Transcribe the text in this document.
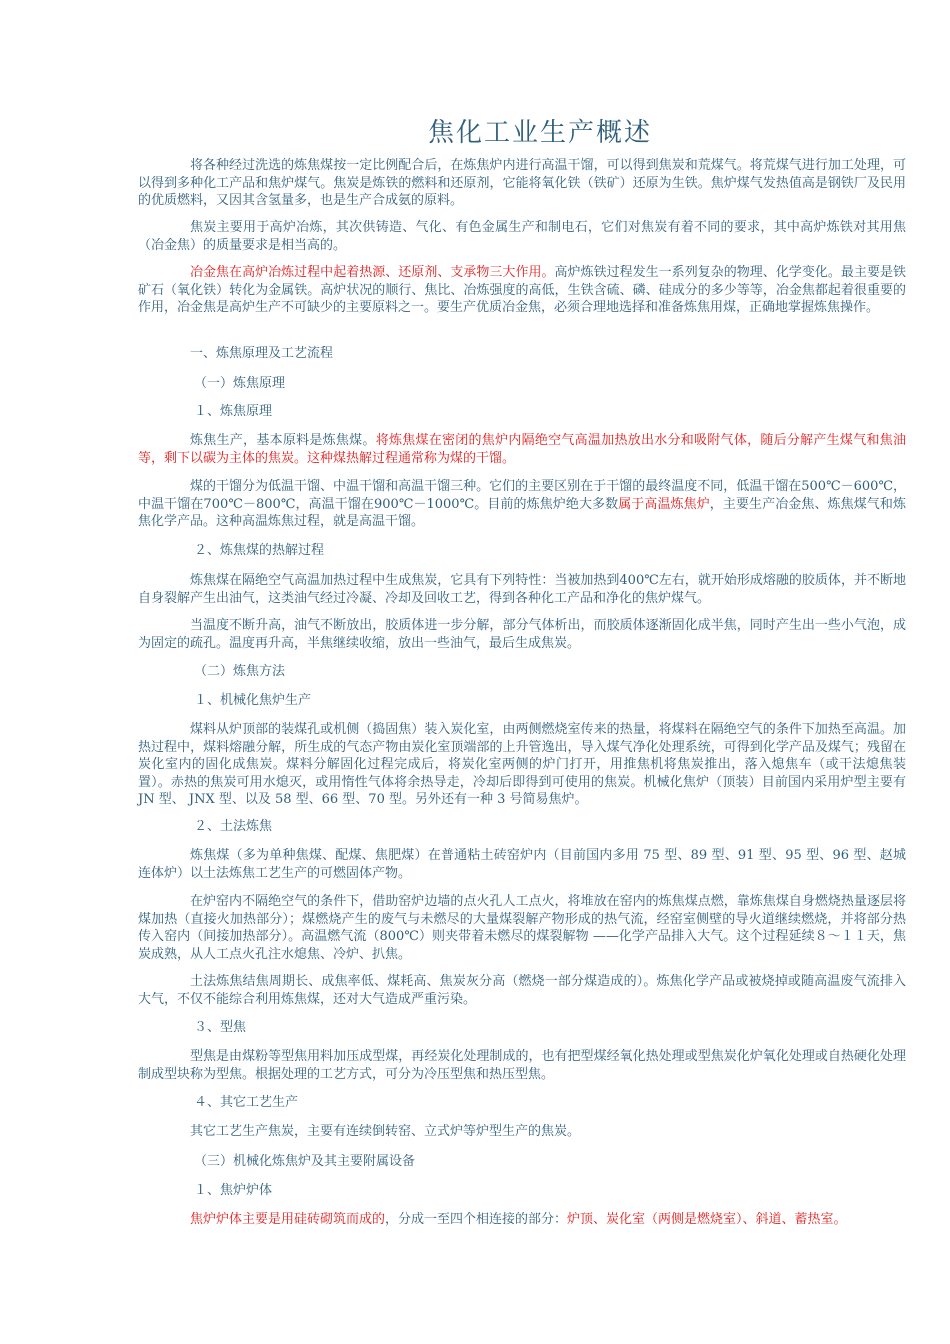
焦化工业生产概述
将各种经过洗选的炼焦煤按一定比例配合后，在炼焦炉内进行高温干馏，可以得到焦炭和荒煤气。将荒煤气进行加工处理，可以得到多种化工产品和焦炉煤气。焦炭是炼铁的燃料和还原剂，它能将氧化铁（铁矿）还原为生铁。焦炉煤气发热值高是钢铁厂及民用的优质燃料，又因其含氢量多，也是生产合成氨的原料。
焦炭主要用于高炉冶炼，其次供铸造、气化、有色金属生产和制电石，它们对焦炭有着不同的要求，其中高炉炼铁对其用焦（冶金焦）的质量要求是相当高的。
冶金焦在高炉冶炼过程中起着热源、还原剂、支承物三大作用。高炉炼铁过程发生一系列复杂的物理、化学变化。最主要是铁矿石（氧化铁）转化为金属铁。高炉状况的顺行、焦比、冶炼强度的高低，生铁含硫、磷、硅成分的多少等等，冶金焦都起着很重要的作用，冶金焦是高炉生产不可缺少的主要原料之一。要生产优质冶金焦，必须合理地选择和准备炼焦用煤，正确地掌握炼焦操作。
一、炼焦原理及工艺流程
（一）炼焦原理
１、炼焦原理
炼焦生产，基本原料是炼焦煤。将炼焦煤在密闭的焦炉内隔绝空气高温加热放出水分和吸附气体，随后分解产生煤气和焦油等，剩下以碳为主体的焦炭。这种煤热解过程通常称为煤的干馏。
煤的干馏分为低温干馏、中温干馏和高温干馏三种。它们的主要区别在于干馏的最终温度不同，低温干馏在500℃－600℃，中温干馏在700℃－800℃，高温干馏在900℃－1000℃。目前的炼焦炉绝大多数属于高温炼焦炉，主要生产冶金焦、炼焦煤气和炼焦化学产品。这种高温炼焦过程，就是高温干馏。
２、炼焦煤的热解过程
炼焦煤在隔绝空气高温加热过程中生成焦炭，它具有下列特性：当被加热到400℃左右，就开始形成熔融的胶质体，并不断地自身裂解产生出油气，这类油气经过冷凝、冷却及回收工艺，得到各种化工产品和净化的焦炉煤气。
当温度不断升高，油气不断放出，胶质体进一步分解，部分气体析出，而胶质体逐渐固化成半焦，同时产生出一些小气泡，成为固定的疏孔。温度再升高，半焦继续收缩，放出一些油气，最后生成焦炭。
（二）炼焦方法
１、机械化焦炉生产
煤料从炉顶部的装煤孔或机侧（捣固焦）装入炭化室，由两侧燃烧室传来的热量，将煤料在隔绝空气的条件下加热至高温。加热过程中，煤料熔融分解，所生成的气态产物由炭化室顶端部的上升管逸出，导入煤气净化处理系统，可得到化学产品及煤气；残留在炭化室内的固化成焦炭。煤料分解固化过程完成后，将炭化室两侧的炉门打开，用推焦机将焦炭推出，落入熄焦车（或干法熄焦装置）。赤热的焦炭可用水熄灭，或用惰性气体将余热导走，冷却后即得到可使用的焦炭。机械化焦炉（顶装）目前国内采用炉型主要有 JN 型、 JNX 型、以及 58 型、66 型、70 型。另外还有一种 3 号简易焦炉。
２、土法炼焦
炼焦煤（多为单种焦煤、配煤、焦肥煤）在普通粘土砖窑炉内（目前国内多用 75 型、89 型、91 型、95 型、96 型、赵城连体炉）以土法炼焦工艺生产的可燃固体产物。
在炉窑内不隔绝空气的条件下，借助窑炉边墙的点火孔人工点火，将堆放在窑内的炼焦煤点燃，靠炼焦煤自身燃烧热量逐层将煤加热（直接火加热部分）；煤燃烧产生的废气与未燃尽的大量煤裂解产物形成的热气流，经窑室侧壁的导火道继续燃烧，并将部分热传入窑内（间接加热部分）。高温燃气流（800℃）则夹带着未燃尽的煤裂解物 ——化学产品排入大气。这个过程延续８～１１天，焦炭成熟，从人工点火孔注水熄焦、冷炉、扒焦。
土法炼焦结焦周期长、成焦率低、煤耗高、焦炭灰分高（燃烧一部分煤造成的）。炼焦化学产品或被烧掉或随高温废气流排入大气，不仅不能综合利用炼焦煤，还对大气造成严重污染。
３、型焦
型焦是由煤粉等型焦用料加压成型煤，再经炭化处理制成的，也有把型煤经氧化热处理或型焦炭化炉氧化处理或自热硬化处理制成型块称为型焦。根据处理的工艺方式，可分为冷压型焦和热压型焦。
４、其它工艺生产
其它工艺生产焦炭，主要有连续倒转窑、立式炉等炉型生产的焦炭。
（三）机械化炼焦炉及其主要附属设备
１、焦炉炉体
焦炉炉体主要是用硅砖砌筑而成的，分成一至四个相连接的部分：炉顶、炭化室（两侧是燃烧室）、斜道、蓄热室。
